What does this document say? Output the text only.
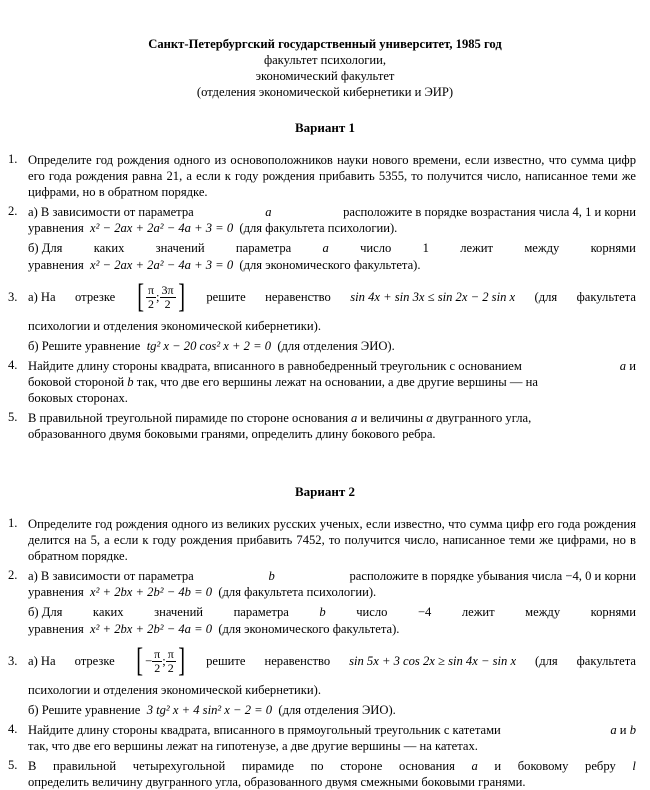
Санкт-Петербургский государственный университет, 1985 год
факультет психологии,
экономический факультет
(отделения экономической кибернетики и ЭИР)
Вариант 1
1. Определите год рождения одного из основоположников науки нового времени, если известно, что сумма цифр его года рождения равна 21, а если к году рождения прибавить 5355, то получится число, написанное теми же цифрами, но в обратном порядке.
2. а) В зависимости от параметра	a	расположите в порядке возрастания числа 4, 1 и корни
уравнения x² − 2ax + 2a² − 4a + 3 = 0 (для факультета психологии).
б) Для каких значений параметра a число 1 лежит между корнями
уравнения x² − 2ax + 2a² − 4a + 3 = 0 (для экономического факультета).
3. а) На отрезке [ $\frac{\pi}{2}$ ; $\frac{3\pi}{2}$ ] решите неравенство sin 4x + sin 3x ≤ sin 2x − 2 sin x (для факультета
психологии и отделения экономической кибернетики).
б) Решите уравнение tg² x − 20 cos² x + 2 = 0 (для отделения ЭИО).
4. Найдите длину стороны квадрата, вписанного в равнобедренный треугольник с основанием	a и
боковой стороной b так, что две его вершины лежат на основании, а две другие вершины — на
боковых сторонах.
5. В правильной треугольной пирамиде по стороне основания a и величины α двугранного угла,
образованного двумя боковыми гранями, определить длину бокового ребра.
Вариант 2
1. Определите год рождения одного из великих русских ученых, если известно, что сумма цифр его года рождения делится на 5, а если к году рождения прибавить 7452, то получится число, написанное теми же цифрами, но в обратном порядке.
2. а) В зависимости от параметра	b	расположите в порядке убывания числа −4, 0 и корни
уравнения x² + 2bx + 2b² − 4b = 0 (для факультета психологии).
б) Для каких значений параметра b число −4 лежит между корнями
уравнения x² + 2bx + 2b² − 4a = 0 (для экономического факультета).
3. а) На отрезке [ − $\frac{\pi}{2}$ ; $\frac{\pi}{2}$ ] решите неравенство sin 5x + 3 cos 2x ≥ sin 4x − sin x (для факультета
психологии и отделения экономической кибернетики).
б) Решите уравнение 3 tg² x + 4 sin² x − 2 = 0 (для отделения ЭИО).
4. Найдите длину стороны квадрата, вписанного в прямоугольный треугольник с катетами	a и b
так, что две его вершины лежат на гипотенузе, а две другие вершины — на катетах.
5. В правильной четырехугольной пирамиде по стороне основания a и боковому ребру l
определить величину двугранного угла, образованного двумя смежными боковыми гранями.
